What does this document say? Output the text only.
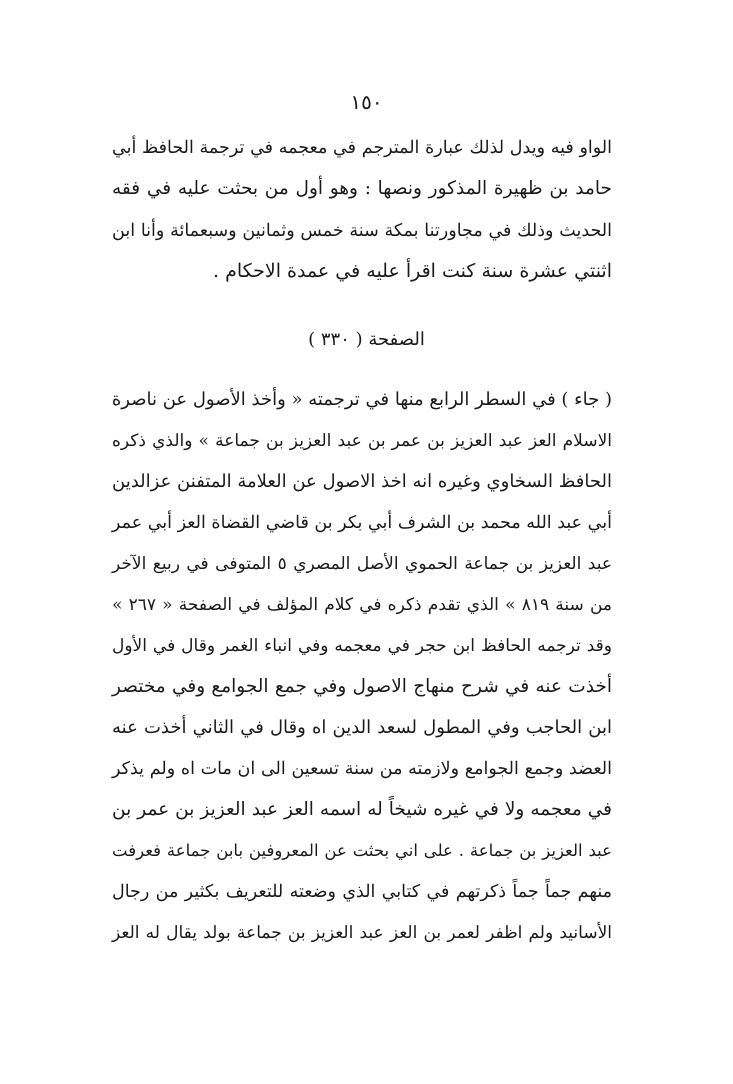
١٥٠
الواو فيه ويدل لذلك عبارة المترجم في معجمه في ترجمة الحافظ أبي
حامد بن ظهيرة المذكور ونصها : وهو أول من بحثت عليه في فقه
الحديث وذلك في مجاورتنا بمكة سنة خمس وثمانين وسبعمائة وأنا ابن
اثنتي عشرة سنة كنت اقرأ عليه في عمدة الاحكام .
الصفحة ( ٣٣٠ )
( جاء ) في السطر الرابع منها في ترجمته « وأخذ الأصول عن ناصرة
الاسلام العز عبد العزيز بن عمر بن عبد العزيز بن جماعة » والذي ذكره
الحافظ السخاوي وغيره انه اخذ الاصول عن العلامة المتفنن عزالدين
أبي عبد الله محمد بن الشرف أبي بكر بن قاضي القضاة العز أبي عمر
عبد العزيز بن جماعة الحموي الأصل المصري ٥ المتوفى في ربيع الآخر
من سنة ٨١٩ » الذي تقدم ذكره في كلام المؤلف في الصفحة « ٢٦٧ »
وقد ترجمه الحافظ ابن حجر في معجمه وفي انباء الغمر وقال في الأول
أخذت عنه في شرح منهاج الاصول وفي جمع الجوامع وفي مختصر
ابن الحاجب وفي المطول لسعد الدين اه وقال في الثاني أخذت عنه
العضد وجمع الجوامع ولازمته من سنة تسعين الى ان مات اه ولم يذكر
في معجمه ولا في غيره شيخاً له اسمه العز عبد العزيز بن عمر بن
عبد العزيز بن جماعة . على اني بحثت عن المعروفين بابن جماعة فعرفت
منهم جماً جماً ذكرتهم في كتابي الذي وضعته للتعريف بكثير من رجال
الأسانيد ولم اظفر لعمر بن العز عبد العزيز بن جماعة بولد يقال له العز
